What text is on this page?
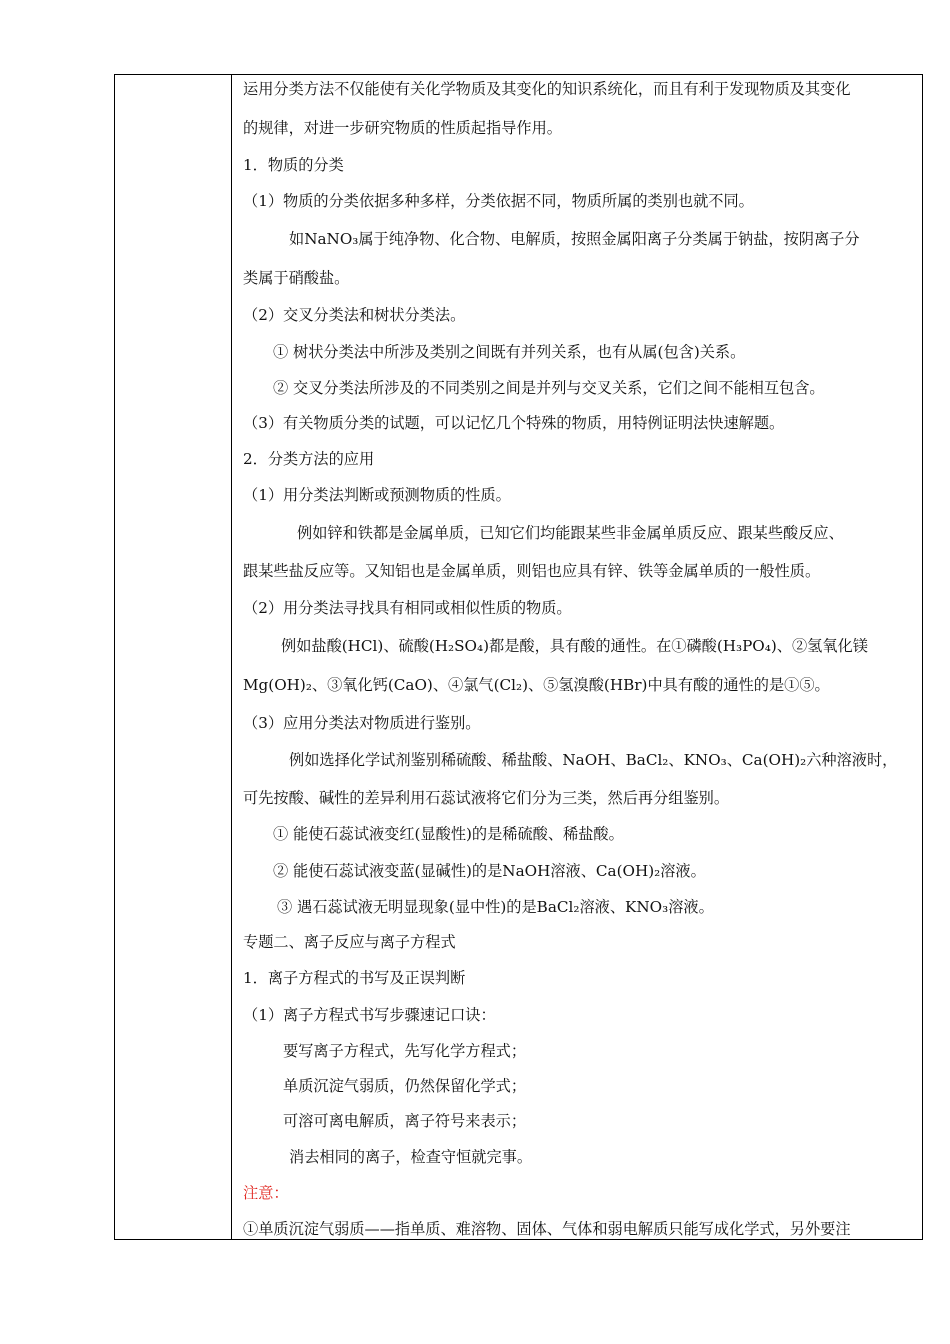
运用分类方法不仅能使有关化学物质及其变化的知识系统化，而且有利于发现物质及其变化
的规律，对进一步研究物质的性质起指导作用。
1．物质的分类
（1）物质的分类依据多种多样，分类依据不同，物质所属的类别也就不同。
如NaNO₃属于纯净物、化合物、电解质，按照金属阳离子分类属于钠盐，按阴离子分
类属于硝酸盐。
（2）交叉分类法和树状分类法。
① 树状分类法中所涉及类别之间既有并列关系，也有从属(包含)关系。
② 交叉分类法所涉及的不同类别之间是并列与交叉关系，它们之间不能相互包含。
（3）有关物质分类的试题，可以记忆几个特殊的物质，用特例证明法快速解题。
2．分类方法的应用
（1）用分类法判断或预测物质的性质。
例如锌和铁都是金属单质，已知它们均能跟某些非金属单质反应、跟某些酸反应、
跟某些盐反应等。又知铝也是金属单质，则铝也应具有锌、铁等金属单质的一般性质。
（2）用分类法寻找具有相同或相似性质的物质。
例如盐酸(HCl)、硫酸(H₂SO₄)都是酸，具有酸的通性。在①磷酸(H₃PO₄)、②氢氧化镁
Mg(OH)₂、③氧化钙(CaO)、④氯气(Cl₂)、⑤氢溴酸(HBr)中具有酸的通性的是①⑤。
（3）应用分类法对物质进行鉴别。
例如选择化学试剂鉴别稀硫酸、稀盐酸、NaOH、BaCl₂、KNO₃、Ca(OH)₂六种溶液时，
可先按酸、碱性的差异利用石蕊试液将它们分为三类，然后再分组鉴别。
① 能使石蕊试液变红(显酸性)的是稀硫酸、稀盐酸。
② 能使石蕊试液变蓝(显碱性)的是NaOH溶液、Ca(OH)₂溶液。
③ 遇石蕊试液无明显现象(显中性)的是BaCl₂溶液、KNO₃溶液。
专题二、离子反应与离子方程式
1．离子方程式的书写及正误判断
（1）离子方程式书写步骤速记口诀：
要写离子方程式，先写化学方程式；
单质沉淀气弱质，仍然保留化学式；
可溶可离电解质，离子符号来表示；
消去相同的离子，检查守恒就完事。
注意：
①单质沉淀气弱质——指单质、难溶物、固体、气体和弱电解质只能写成化学式，另外要注
